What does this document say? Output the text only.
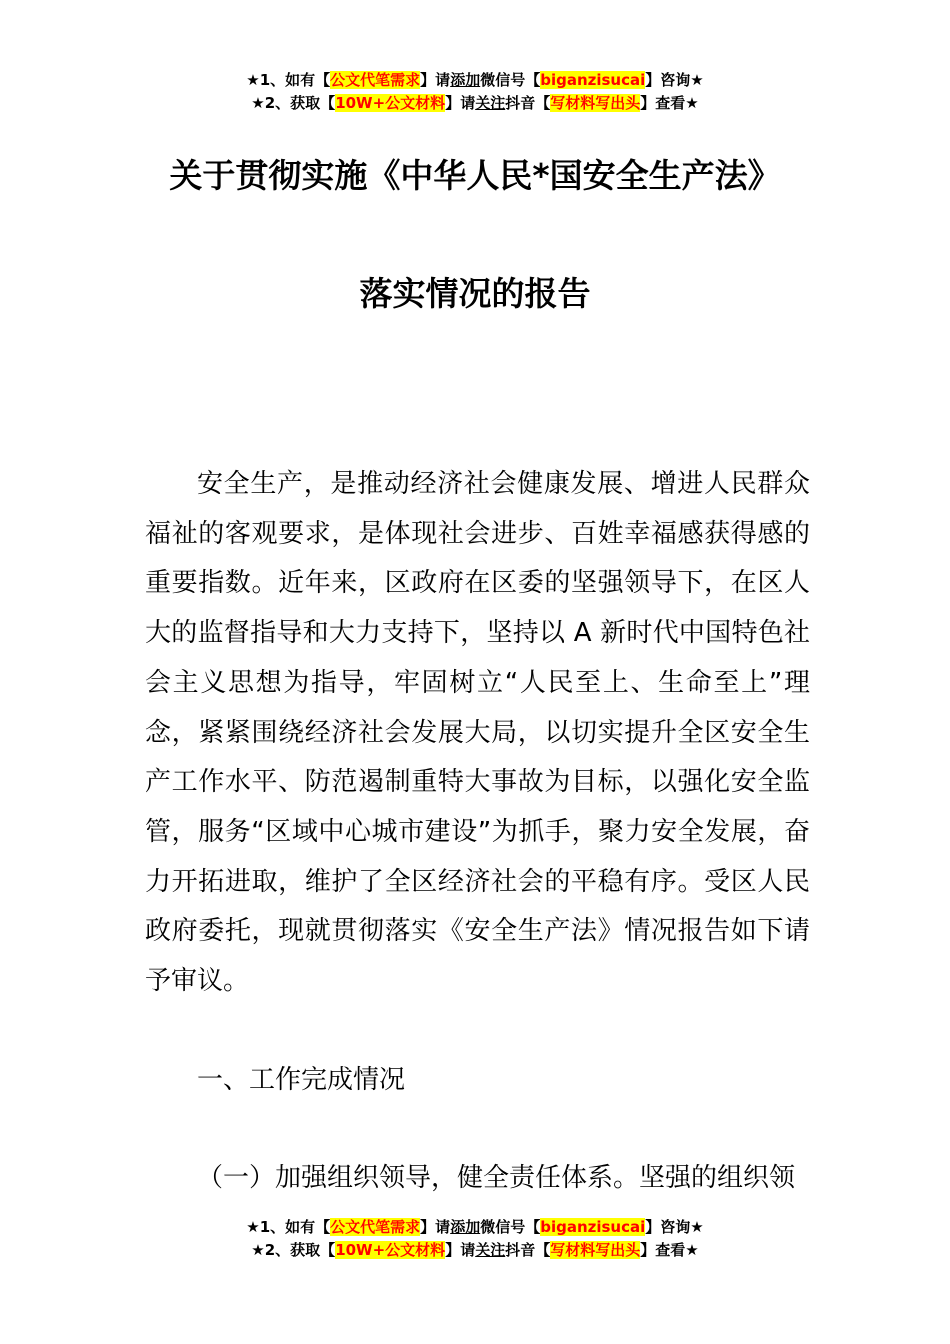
★1、如有【公文代笔需求】请添加微信号【biganzisucai】咨询★
★2、获取【10W+公文材料】请关注抖音【写材料写出头】查看★
关于贯彻实施《中华人民*国安全生产法》
落实情况的报告
安全生产，是推动经济社会健康发展、增进人民群众福祉的客观要求，是体现社会进步、百姓幸福感获得感的重要指数。近年来，区政府在区委的坚强领导下，在区人大的监督指导和大力支持下，坚持以 A 新时代中国特色社会主义思想为指导，牢固树立“人民至上、生命至上”理念，紧紧围绕经济社会发展大局，以切实提升全区安全生产工作水平、防范遏制重特大事故为目标，以强化安全监管，服务“区域中心城市建设”为抓手，聚力安全发展，奋力开拓进取，维护了全区经济社会的平稳有序。受区人民政府委托，现就贯彻落实《安全生产法》情况报告如下请予审议。
一、工作完成情况
（一）加强组织领导，健全责任体系。坚强的组织领
★1、如有【公文代笔需求】请添加微信号【biganzisucai】咨询★
★2、获取【10W+公文材料】请关注抖音【写材料写出头】查看★
